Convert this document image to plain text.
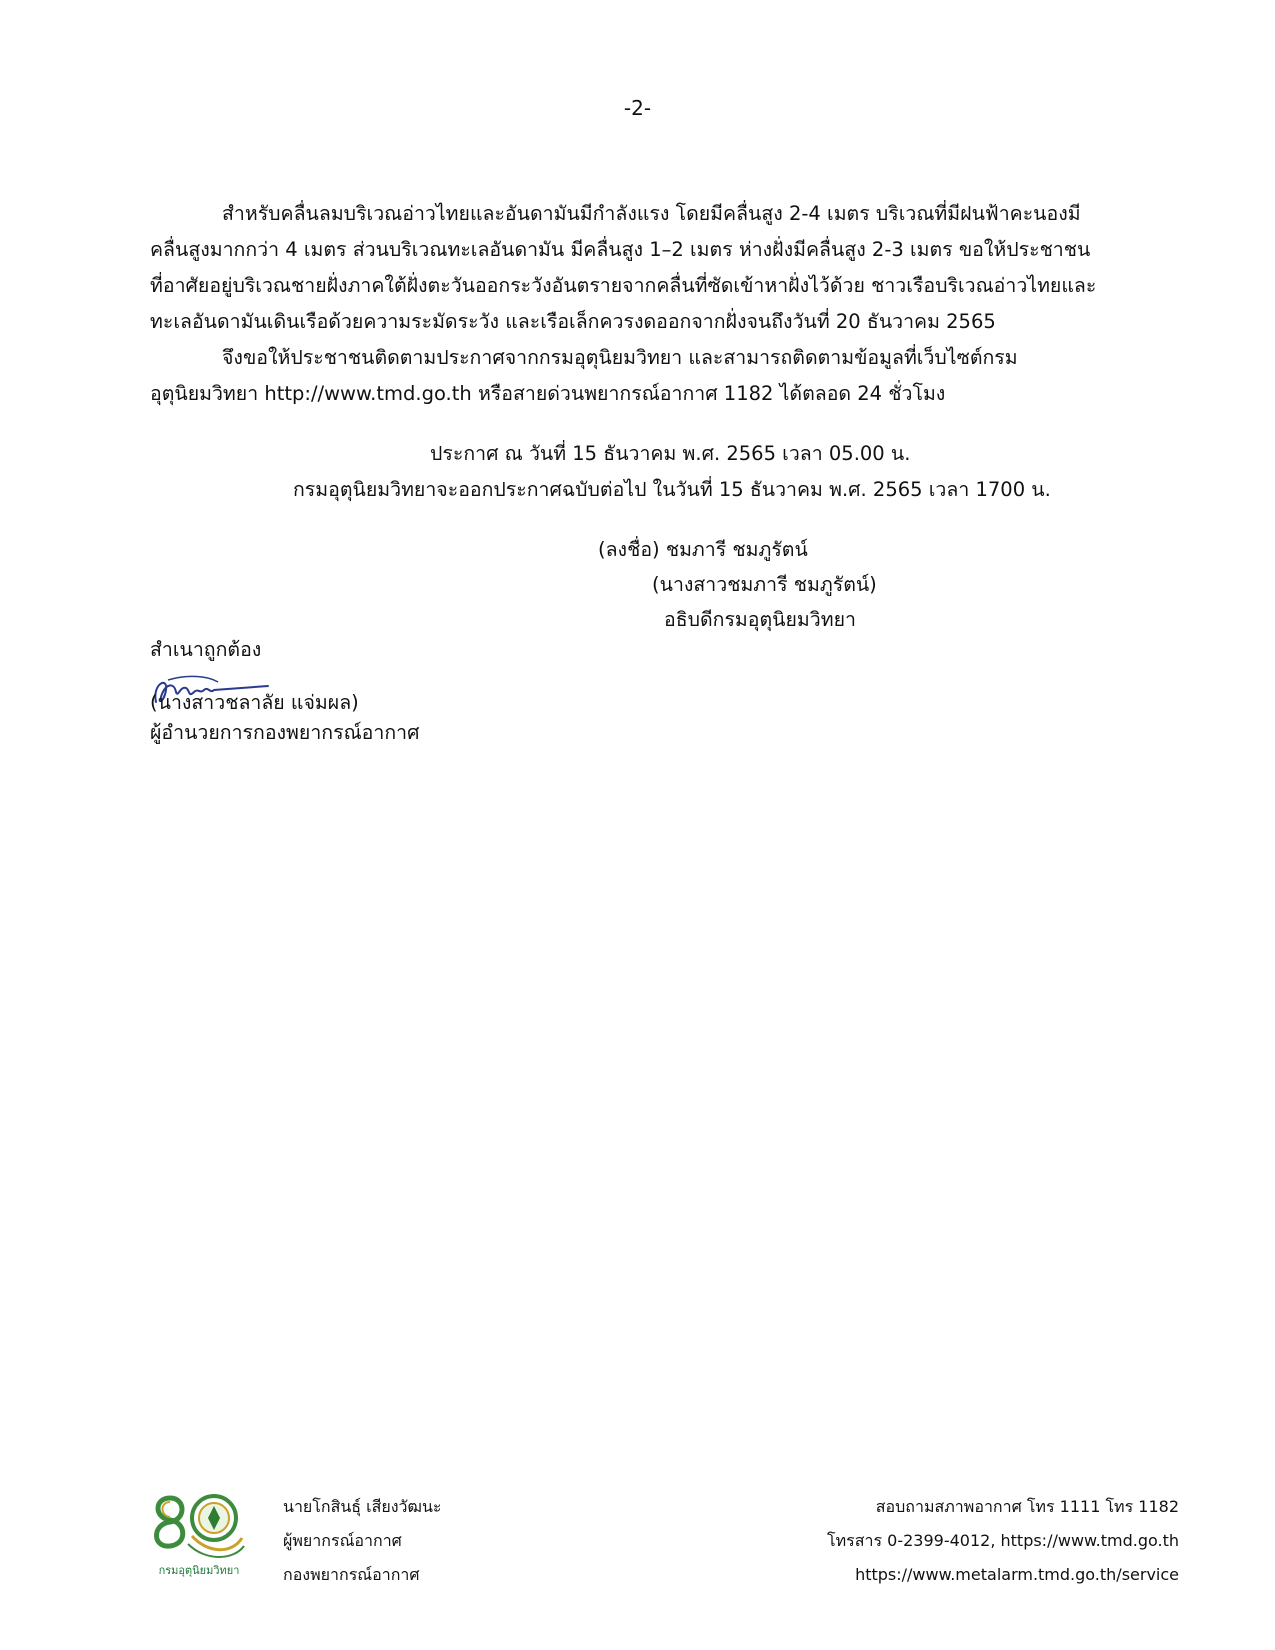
-2-
สำหรับคลื่นลมบริเวณอ่าวไทยและอันดามันมีกำลังแรง โดยมีคลื่นสูง 2-4 เมตร บริเวณที่มีฝนฟ้าคะนองมี
คลื่นสูงมากกว่า 4 เมตร ส่วนบริเวณทะเลอันดามัน มีคลื่นสูง 1–2 เมตร ห่างฝั่งมีคลื่นสูง 2-3 เมตร ขอให้ประชาชน
ที่อาศัยอยู่บริเวณชายฝั่งภาคใต้ฝั่งตะวันออกระวังอันตรายจากคลื่นที่ซัดเข้าหาฝั่งไว้ด้วย ชาวเรือบริเวณอ่าวไทยและ
ทะเลอันดามันเดินเรือด้วยความระมัดระวัง และเรือเล็กควรงดออกจากฝั่งจนถึงวันที่ 20 ธันวาคม 2565
จึงขอให้ประชาชนติดตามประกาศจากกรมอุตุนิยมวิทยา และสามารถติดตามข้อมูลที่เว็บไซต์กรม
อุตุนิยมวิทยา http://www.tmd.go.th หรือสายด่วนพยากรณ์อากาศ 1182 ได้ตลอด 24 ชั่วโมง
ประกาศ ณ วันที่ 15 ธันวาคม พ.ศ. 2565 เวลา 05.00 น.
กรมอุตุนิยมวิทยาจะออกประกาศฉบับต่อไป ในวันที่ 15 ธันวาคม พ.ศ. 2565 เวลา 1700 น.
(ลงชื่อ) ชมภารี ชมภูรัตน์
(นางสาวชมภารี ชมภูรัตน์)
อธิบดีกรมอุตุนิยมวิทยา
สำเนาถูกต้อง
(นางสาวชลาลัย แจ่มผล)
ผู้อำนวยการกองพยากรณ์อากาศ
กรมอุตุนิยมวิทยา
นายโกสินธุ์ เสียงวัฒนะ
ผู้พยากรณ์อากาศ
กองพยากรณ์อากาศ
สอบถามสภาพอากาศ โทร 1111 โทร 1182
โทรสาร 0-2399-4012, https://www.tmd.go.th
https://www.metalarm.tmd.go.th/service
